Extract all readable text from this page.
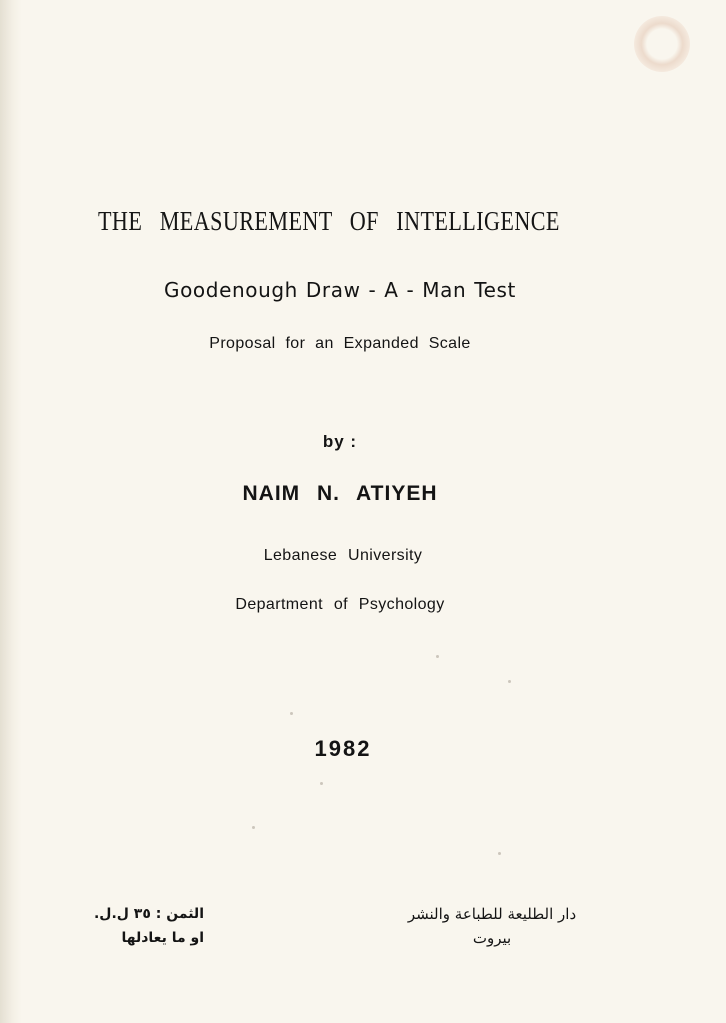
THE MEASUREMENT OF INTELLIGENCE
Goodenough Draw - A - Man Test
Proposal for an Expanded Scale
by :
NAIM N. ATIYEH
Lebanese University
Department of Psychology
1982
الثمن : ٣٥ ل.ل.
او ما يعادلها
دار الطليعة للطباعة والنشر
بيروت
